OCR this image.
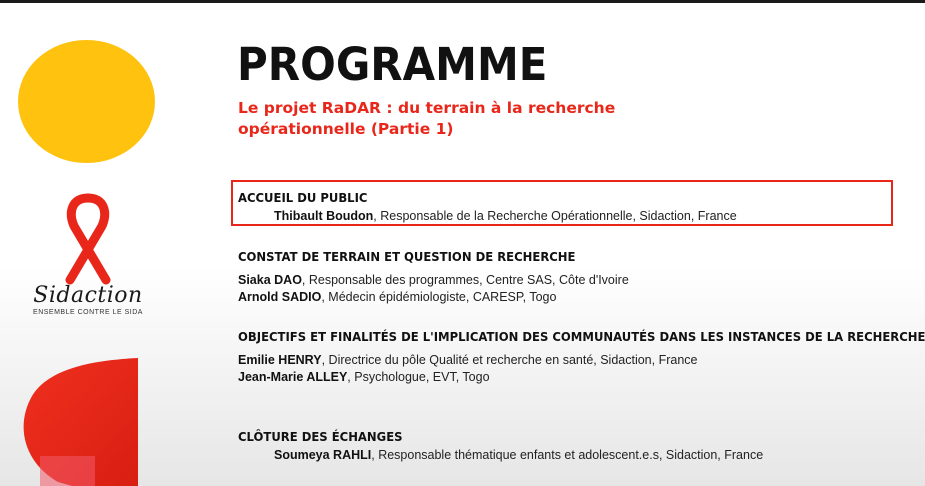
Sidaction
ENSEMBLE CONTRE LE SIDA
PROGRAMME
Le projet RaDAR : du terrain à la recherche
opérationnelle (Partie 1)
ACCUEIL DU PUBLIC
Thibault Boudon, Responsable de la Recherche Opérationnelle, Sidaction, France
CONSTAT DE TERRAIN ET QUESTION DE RECHERCHE
Siaka DAO, Responsable des programmes, Centre SAS, Côte d'Ivoire
Arnold SADIO, Médecin épidémiologiste, CARESP, Togo
OBJECTIFS ET FINALITÉS DE L'IMPLICATION DES COMMUNAUTÉS DANS LES INSTANCES DE LA RECHERCHE
Emilie HENRY, Directrice du pôle Qualité et recherche en santé, Sidaction, France
Jean-Marie ALLEY, Psychologue, EVT, Togo
CLÔTURE DES ÉCHANGES
Soumeya RAHLI, Responsable thématique enfants et adolescent.e.s, Sidaction, France
